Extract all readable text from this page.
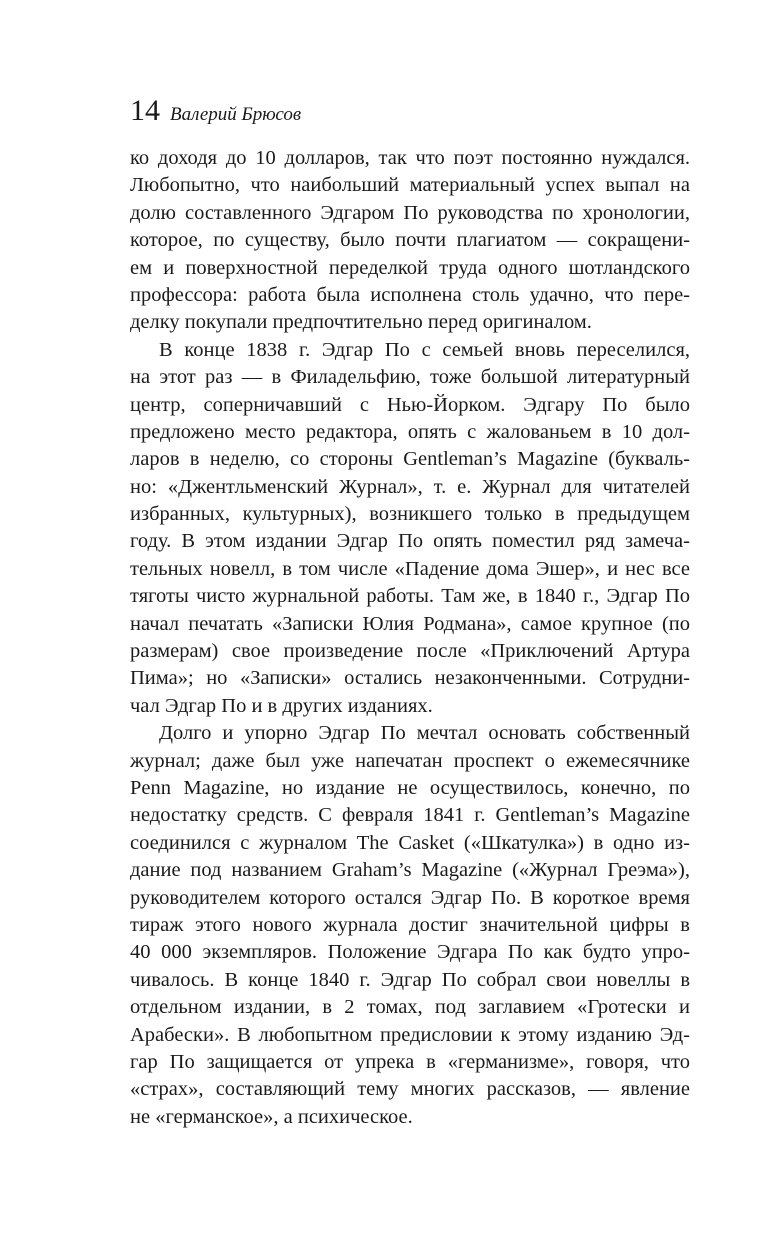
14 Валерий Брюсов
ко доходя до 10 долларов, так что поэт постоянно нуждался.
Любопытно, что наибольший материальный успех выпал на
долю составленного Эдгаром По руководства по хронологии,
которое, по существу, было почти плагиатом — сокращени-
ем и поверхностной переделкой труда одного шотландского
профессора: работа была исполнена столь удачно, что пере-
делку покупали предпочтительно перед оригиналом.
В конце 1838 г. Эдгар По с семьей вновь переселился,
на этот раз — в Филадельфию, тоже большой литературный
центр, соперничавший с Нью-Йорком. Эдгару По было
предложено место редактора, опять с жалованьем в 10 дол-
ларов в неделю, со стороны Gentleman’s Magazine (букваль-
но: «Джентльменский Журнал», т. е. Журнал для читателей
избранных, культурных), возникшего только в предыдущем
году. В этом издании Эдгар По опять поместил ряд замеча-
тельных новелл, в том числе «Падение дома Эшер», и нес все
тяготы чисто журнальной работы. Там же, в 1840 г., Эдгар По
начал печатать «Записки Юлия Родмана», самое крупное (по
размерам) свое произведение после «Приключений Артура
Пима»; но «Записки» остались незаконченными. Сотрудни-
чал Эдгар По и в других изданиях.
Долго и упорно Эдгар По мечтал основать собственный
журнал; даже был уже напечатан проспект о ежемесячнике
Penn Magazine, но издание не осуществилось, конечно, по
недостатку средств. С февраля 1841 г. Gentleman’s Magazine
соединился с журналом The Casket («Шкатулка») в одно из-
дание под названием Graham’s Magazine («Журнал Греэма»),
руководителем которого остался Эдгар По. В короткое время
тираж этого нового журнала достиг значительной цифры в
40 000 экземпляров. Положение Эдгара По как будто упро-
чивалось. В конце 1840 г. Эдгар По собрал свои новеллы в
отдельном издании, в 2 томах, под заглавием «Гротески и
Арабески». В любопытном предисловии к этому изданию Эд-
гар По защищается от упрека в «германизме», говоря, что
«страх», составляющий тему многих рассказов, — явление
не «германское», а психическое.
